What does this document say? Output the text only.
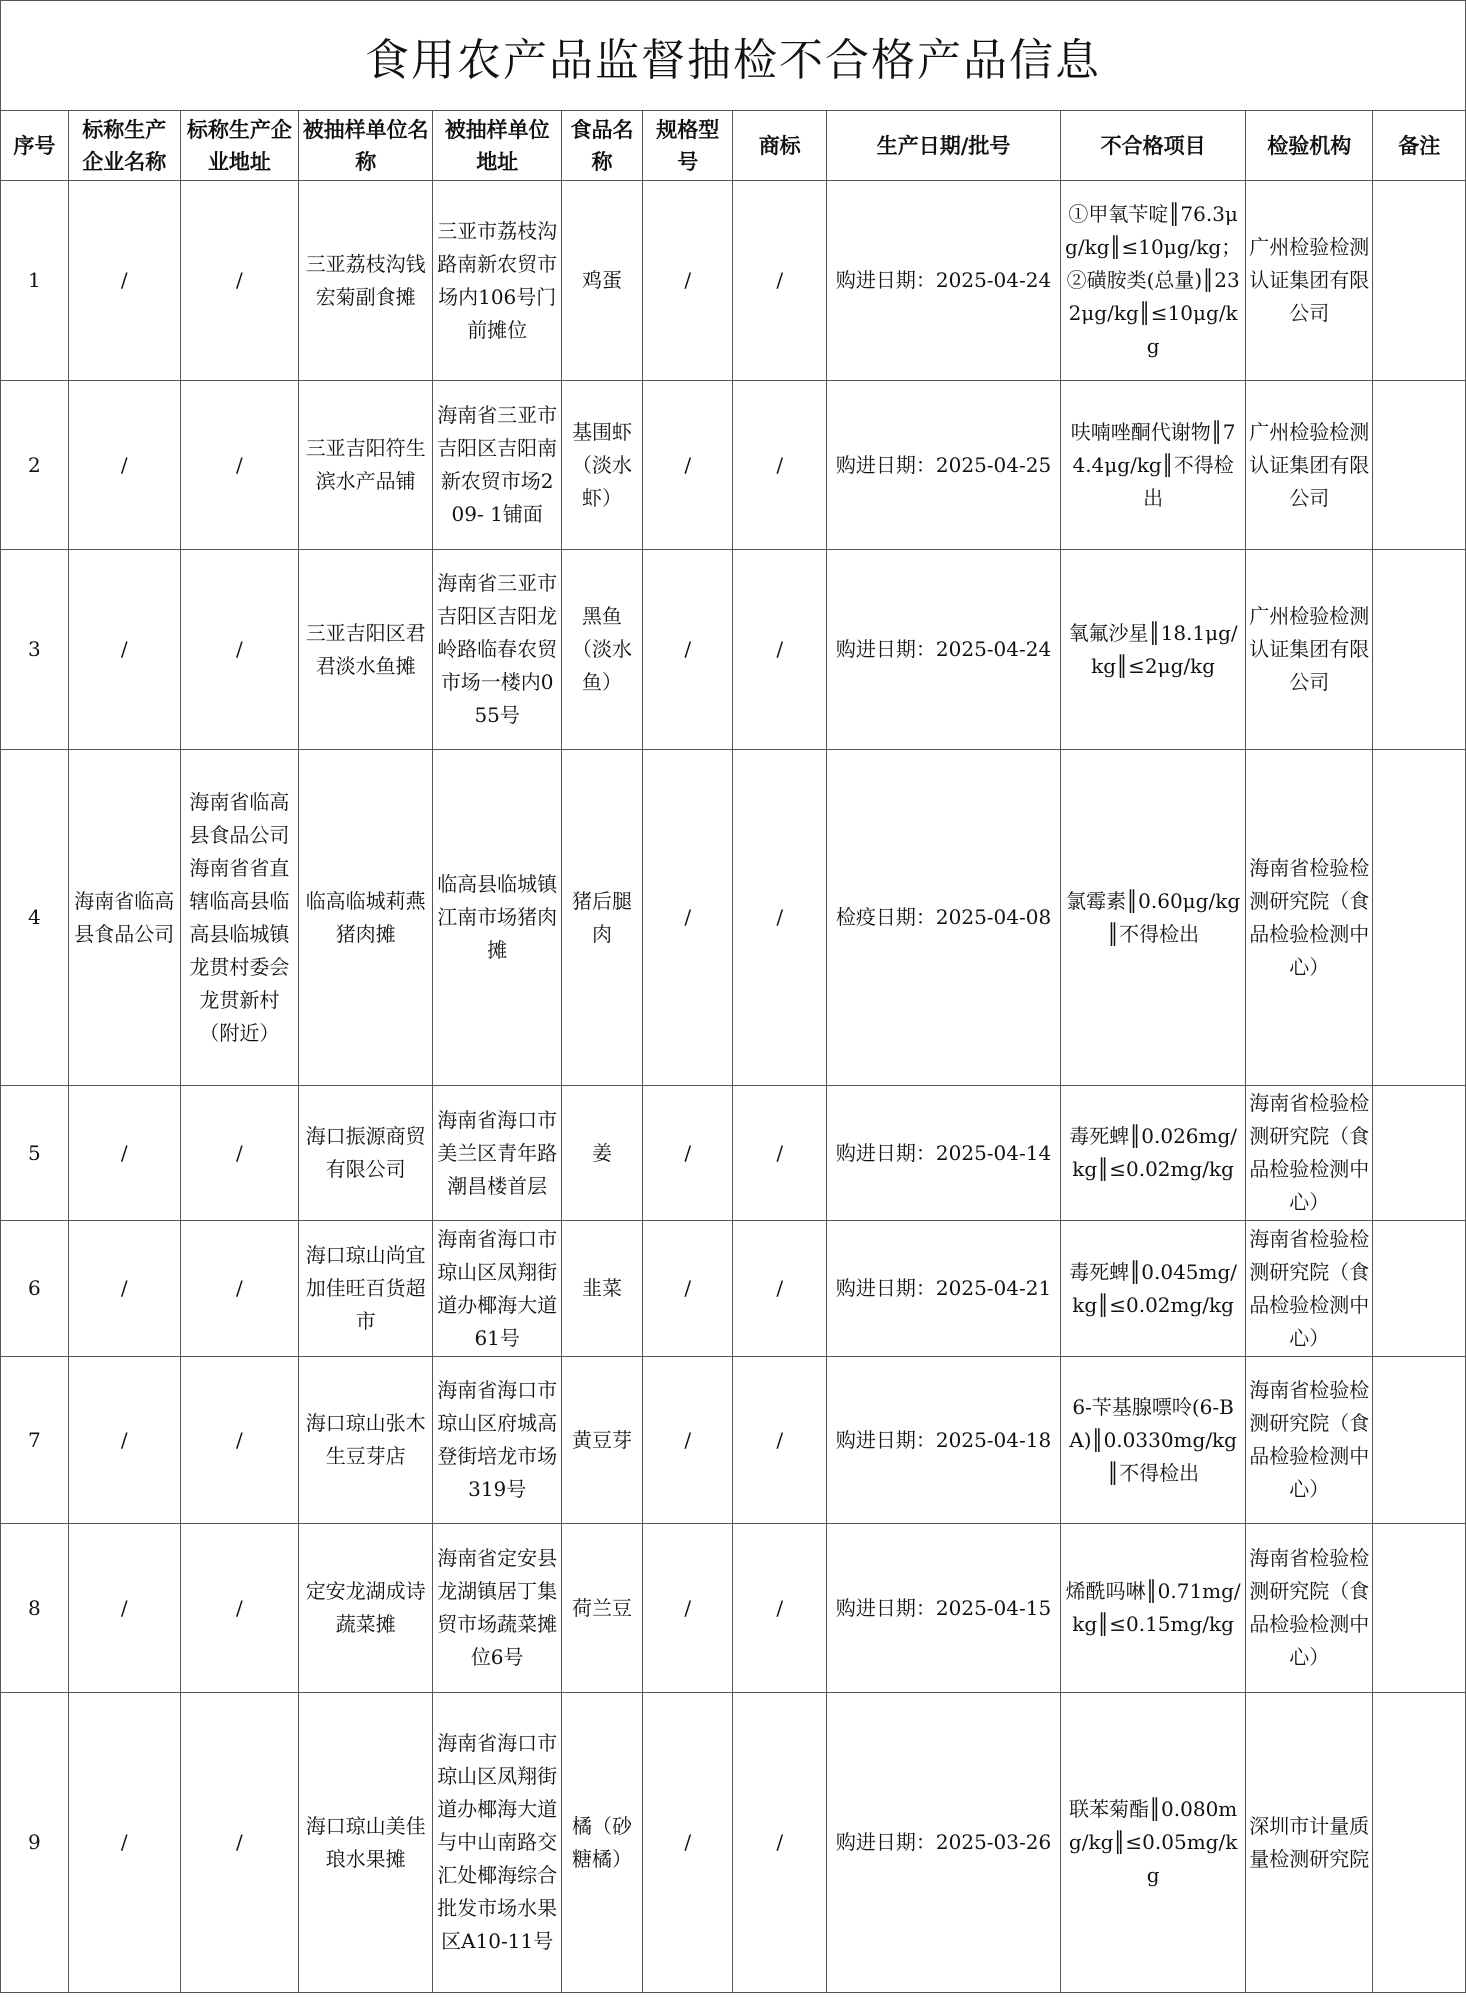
食用农产品监督抽检不合格产品信息
序号	标称生产企业名称	标称生产企业地址	被抽样单位名称	被抽样单位地址	食品名称	规格型号	商标	生产日期/批号	不合格项目	检验机构	备注
1	/	/	三亚荔枝沟钱宏菊副食摊	三亚市荔枝沟路南新农贸市场内106号门前摊位	鸡蛋	/	/	购进日期：2025-04-24	①甲氧苄啶║76.3μg/kg║≤10μg/kg；②磺胺类(总量)║232μg/kg║≤10μg/kg	广州检验检测认证集团有限公司	
2	/	/	三亚吉阳符生滨水产品铺	海南省三亚市吉阳区吉阳南新农贸市场209- 1铺面	基围虾（淡水虾）	/	/	购进日期：2025-04-25	呋喃唑酮代谢物║74.4μg/kg║不得检出	广州检验检测认证集团有限公司	
3	/	/	三亚吉阳区君君淡水鱼摊	海南省三亚市吉阳区吉阳龙岭路临春农贸市场一楼内055号	黑鱼（淡水鱼）	/	/	购进日期：2025-04-24	氧氟沙星║18.1μg/kg║≤2μg/kg	广州检验检测认证集团有限公司	
4	海南省临高县食品公司	海南省临高县食品公司海南省省直辖临高县临高县临城镇龙贯村委会龙贯新村（附近）	临高临城莉燕猪肉摊	临高县临城镇江南市场猪肉摊	猪后腿肉	/	/	检疫日期：2025-04-08	氯霉素║0.60μg/kg║不得检出	海南省检验检测研究院（食品检验检测中心）	
5	/	/	海口振源商贸有限公司	海南省海口市美兰区青年路潮昌楼首层	姜	/	/	购进日期：2025-04-14	毒死蜱║0.026mg/kg║≤0.02mg/kg	海南省检验检测研究院（食品检验检测中心）	
6	/	/	海口琼山尚宜加佳旺百货超市	海南省海口市琼山区凤翔街道办椰海大道61号	韭菜	/	/	购进日期：2025-04-21	毒死蜱║0.045mg/kg║≤0.02mg/kg	海南省检验检测研究院（食品检验检测中心）	
7	/	/	海口琼山张木生豆芽店	海南省海口市琼山区府城高登街培龙市场319号	黄豆芽	/	/	购进日期：2025-04-18	6-苄基腺嘌呤(6-BA)║0.0330mg/kg║不得检出	海南省检验检测研究院（食品检验检测中心）	
8	/	/	定安龙湖成诗蔬菜摊	海南省定安县龙湖镇居丁集贸市场蔬菜摊位6号	荷兰豆	/	/	购进日期：2025-04-15	烯酰吗啉║0.71mg/kg║≤0.15mg/kg	海南省检验检测研究院（食品检验检测中心）	
9	/	/	海口琼山美佳琅水果摊	海南省海口市琼山区凤翔街道办椰海大道与中山南路交汇处椰海综合批发市场水果区A10-11号	橘（砂糖橘）	/	/	购进日期：2025-03-26	联苯菊酯║0.080mg/kg║≤0.05mg/kg	深圳市计量质量检测研究院	
